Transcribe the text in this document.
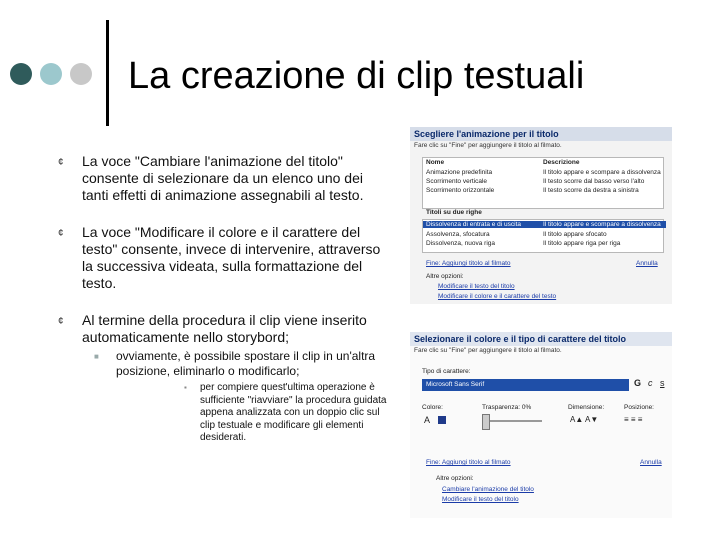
La creazione di clip testuali
¢ La voce "Cambiare l'animazione del titolo" consente di selezionare da un elenco uno dei tanti effetti di animazione assegnabili al testo.
¢ La voce "Modificare il colore e il carattere del testo" consente, invece di intervenire, attraverso la successiva videata, sulla formattazione del testo.
¢ Al termine della procedura il clip viene inserito automaticamente nello storybord;
■ ovviamente, è possibile spostare il clip in un'altra posizione, eliminarlo o modificarlo;
▪ per compiere quest'ultima operazione è sufficiente "riavviare" la procedura guidata appena analizzata con un doppio clic sul clip testuale e modificare gli elementi desiderati.
Scegliere l'animazione per il titolo
Fare clic su "Fine" per aggiungere il titolo al filmato.
Nome	Descrizione
Animazione predefinita	Il titolo appare e scompare a dissolvenza
Scorrimento verticale	Il testo scorre dal basso verso l'alto
Scorrimento orizzontale	Il testo scorre da destra a sinistra
Titoli su due righe
Dissolvenza di entrata e di uscita	Il titolo appare e scompare a dissolvenza
Assolvenza, sfocatura	Il titolo appare sfocato
Dissolvenza, nuova riga	Il titolo appare riga per riga
Fine: Aggiungi titolo al filmato	Annulla
Altre opzioni:
Modificare il testo del titolo
Modificare il colore e il carattere del testo
Selezionare il colore e il tipo di carattere del titolo
Fare clic su "Fine" per aggiungere il titolo al filmato.
Tipo di carattere:
Microsoft Sans Serif	G c s
Colore:
A
Trasparenza: 0%	Dimensione:
A▲ A▼
Posizione:
≡ ≡ ≡
Fine: Aggiungi titolo al filmato	Annulla
Altre opzioni:
Cambiare l'animazione del titolo
Modificare il testo del titolo
